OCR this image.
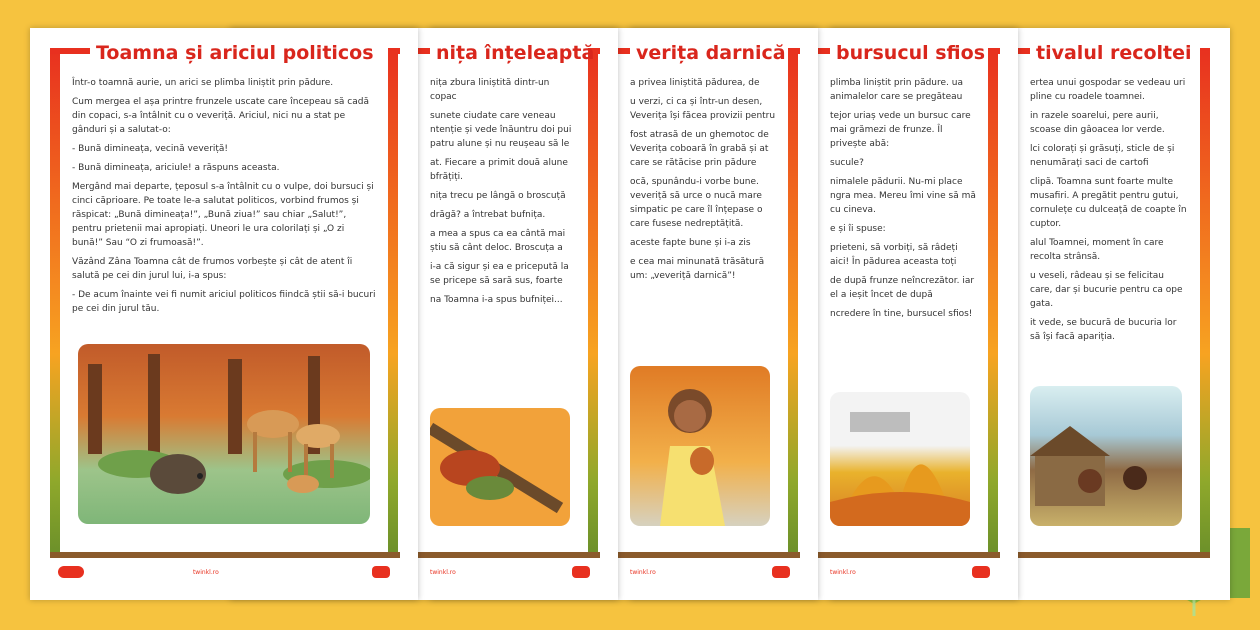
Toamna și ariciul politicos

Într-o toamnă aurie, un arici se plimba liniștit prin pădure.

Cum mergea el așa printre frunzele uscate care începeau să cadă din copaci, s-a întâlnit cu o veveriță. Ariciul, nici nu a stat pe gânduri și a salutat-o:

- Bună dimineața, vecină veveriță!

- Bună dimineața, ariciule! a răspuns aceasta.

Mergând mai departe, țeposul s-a întâlnit cu o vulpe, doi bursuci și cinci căprioare. Pe toate le-a salutat politicos, vorbind frumos și răspicat: „Bună dimineața!”, „Bună ziua!” sau chiar „Salut!”, pentru prietenii mai apropiați. Uneori le ura colorilați și „O zi bună!” Sau “O zi frumoasă!”.

Văzând Zâna Toamna cât de frumos vorbește și cât de atent îi salută pe cei din jurul lui, i-a spus:

- De acum înainte vei fi numit ariciul politicos fiindcă știi să-i bucuri pe cei din jurul tău.

twinkl.ro
nița înțeleaptă

nița zbura liniștită dintr-un copac

sunete ciudate care veneau ntenție și vede înăuntru doi pui patru alune și nu reușeau să le

at. Fiecare a primit două alune bfrățiți.

nița trecu pe lângă o broscuță

drăgă? a întrebat bufnița.

a mea a spus ca ea cântă mai știu să cânt deloc. Broscuța a

i-a că sigur și ea e pricepută la se pricepe să sară sus, foarte

na Toamna i-a spus bufniței...

twinkl.ro
verița darnică

a privea liniștită pădurea, de

u verzi, ci ca și într-un desen, Veverița își făcea provizii pentru

fost atrasă de un ghemotoc de Veverița coboară în grabă și at care se rătăcise prin pădure

ocă, spunându-i vorbe bune. veveriță să urce o nucă mare simpatic pe care îl înțepase o care fusese nedreptățită.

aceste fapte bune și i-a zis

e cea mai minunată trăsătură um: „veveriță darnică”!

twinkl.ro
bursucul sfios

plimba liniștit prin pădure. ua animalelor care se pregăteau

tejor uriaș vede un bursuc care mai grămezi de frunze. Îl privește abă:

sucule?

nimalele pădurii. Nu-mi place ngra mea. Mereu îmi vine să mă cu cineva.

e și îi spuse:

prieteni, să vorbiți, să râdeți aici! În pădurea aceasta toți

de după frunze neîncrezător. iar el a ieșit încet de după

ncredere în tine, bursucel sfios!

twinkl.ro
tivalul recoltei

ertea unui gospodar se vedeau uri pline cu roadele toamnei.

in razele soarelui, pere aurii, scoase din gâoacea lor verde.

lci colorați și grăsuți, sticle de și nenumărați saci de cartofi

clipă. Toamna sunt foarte multe musafiri. A pregătit pentru gutui, cornulețe cu dulceață de coapte în cuptor.

alul Toamnei, moment în care recolta strânsă.

u veseli, râdeau și se felicitau care, dar și bucurie pentru ca ope gata.

it vede, se bucură de bucuria lor să își facă apariția.
